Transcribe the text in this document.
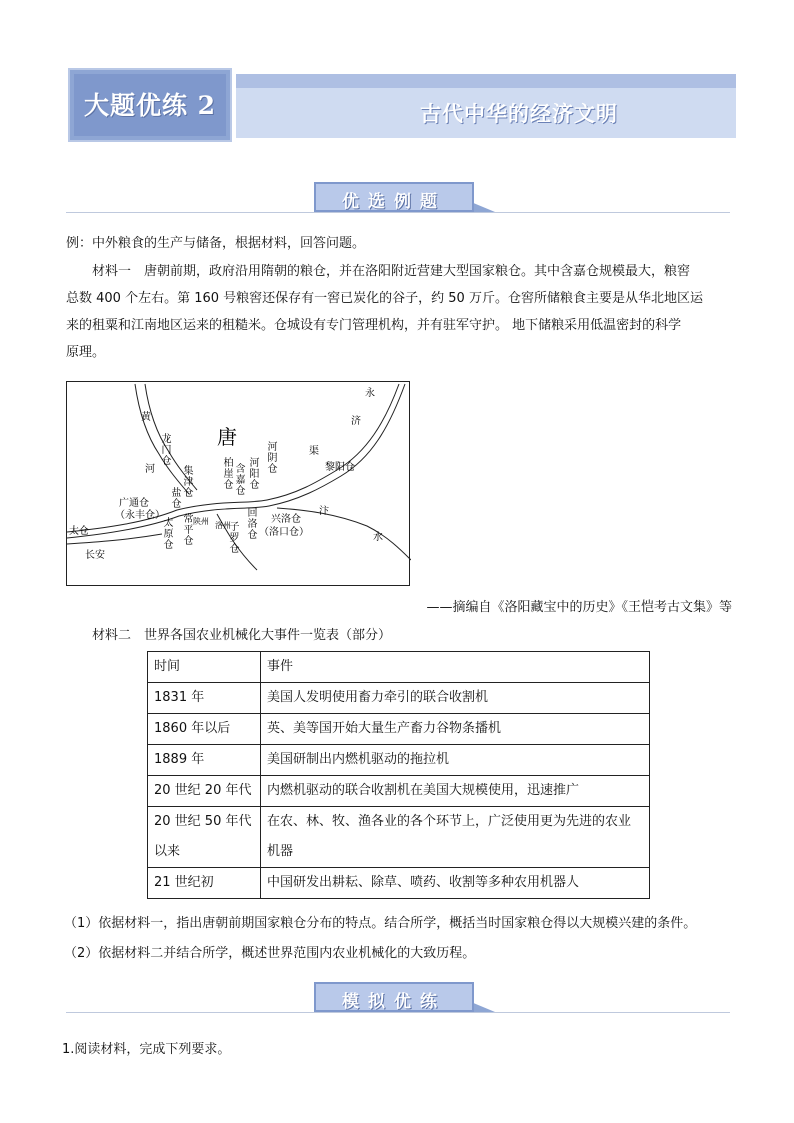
大题优练 2	古代中华的经济文明
优选例题
例：中外粮食的生产与储备，根据材料，回答问题。
材料一　唐朝前期，政府沿用隋朝的粮仓，并在洛阳附近营建大型国家粮仓。其中含嘉仓规模最大，粮窖
总数 400 个左右。第 160 号粮窖还保存有一窖已炭化的谷子，约 50 万斤。仓窖所储粮食主要是从华北地区运
来的租粟和江南地区运来的租糙米。仓城设有专门管理机构，并有驻军守护。 地下储粮采用低温密封的科学
原理。
唐
黄
河
永
济
渠
汴
水
龙门仓
广通仓
（永丰仓）
太仓
长安
集津仓
盐仓
常平仓
太原仓
陕州 洛州
柏崖仓
含嘉仓
河阳仓
回洛仓
子罗仓
河阴仓
兴洛仓
（洛口仓）
黎阳仓
——摘编自《洛阳藏宝中的历史》《王恺考古文集》等
材料二　世界各国农业机械化大事件一览表（部分）
时间	事件
1831 年	美国人发明使用畜力牵引的联合收割机
1860 年以后	英、美等国开始大量生产畜力谷物条播机
1889 年	美国研制出内燃机驱动的拖拉机
20 世纪 20 年代	内燃机驱动的联合收割机在美国大规模使用，迅速推广
20 世纪 50 年代以来	在农、林、牧、渔各业的各个环节上，广泛使用更为先进的农业机器
21 世纪初	中国研发出耕耘、除草、喷药、收割等多种农用机器人
（1）依据材料一，指出唐朝前期国家粮仓分布的特点。结合所学，概括当时国家粮仓得以大规模兴建的条件。
（2）依据材料二并结合所学，概述世界范围内农业机械化的大致历程。
模拟优练
1.阅读材料，完成下列要求。
